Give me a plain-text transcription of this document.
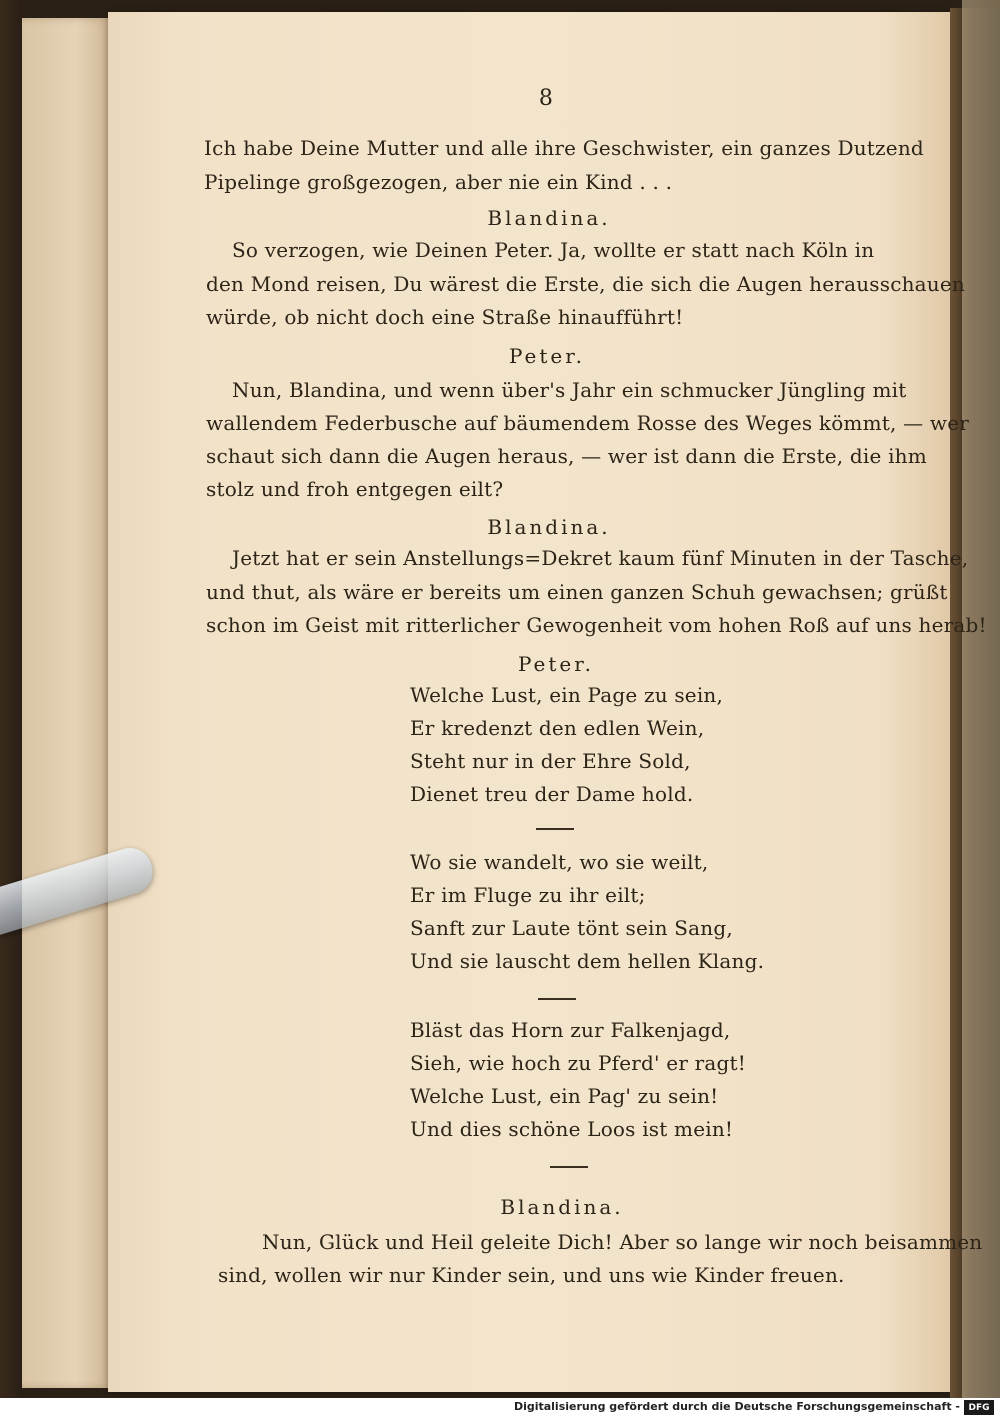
8
Ich habe Deine Mutter und alle ihre Geschwister, ein ganzes Dutzend
Pipelinge großgezogen, aber nie ein Kind . . .
Blandina.
So verzogen, wie Deinen Peter. Ja, wollte er statt nach Köln in
den Mond reisen, Du wärest die Erste, die sich die Augen herausschauen
würde, ob nicht doch eine Straße hinaufführt!
Peter.
Nun, Blandina, und wenn über's Jahr ein schmucker Jüngling mit
wallendem Federbusche auf bäumendem Rosse des Weges kömmt, — wer
schaut sich dann die Augen heraus, — wer ist dann die Erste, die ihm
stolz und froh entgegen eilt?
Blandina.
Jetzt hat er sein Anstellungs=Dekret kaum fünf Minuten in der Tasche,
und thut, als wäre er bereits um einen ganzen Schuh gewachsen; grüßt
schon im Geist mit ritterlicher Gewogenheit vom hohen Roß auf uns herab!
Peter.
Welche Lust, ein Page zu sein,
Er kredenzt den edlen Wein,
Steht nur in der Ehre Sold,
Dienet treu der Dame hold.
Wo sie wandelt, wo sie weilt,
Er im Fluge zu ihr eilt;
Sanft zur Laute tönt sein Sang,
Und sie lauscht dem hellen Klang.
Bläst das Horn zur Falkenjagd,
Sieh, wie hoch zu Pferd' er ragt!
Welche Lust, ein Pag' zu sein!
Und dies schöne Loos ist mein!
Blandina.
Nun, Glück und Heil geleite Dich! Aber so lange wir noch beisammen
sind, wollen wir nur Kinder sein, und uns wie Kinder freuen.
Digitalisierung gefördert durch die Deutsche Forschungsgemeinschaft - DFG
